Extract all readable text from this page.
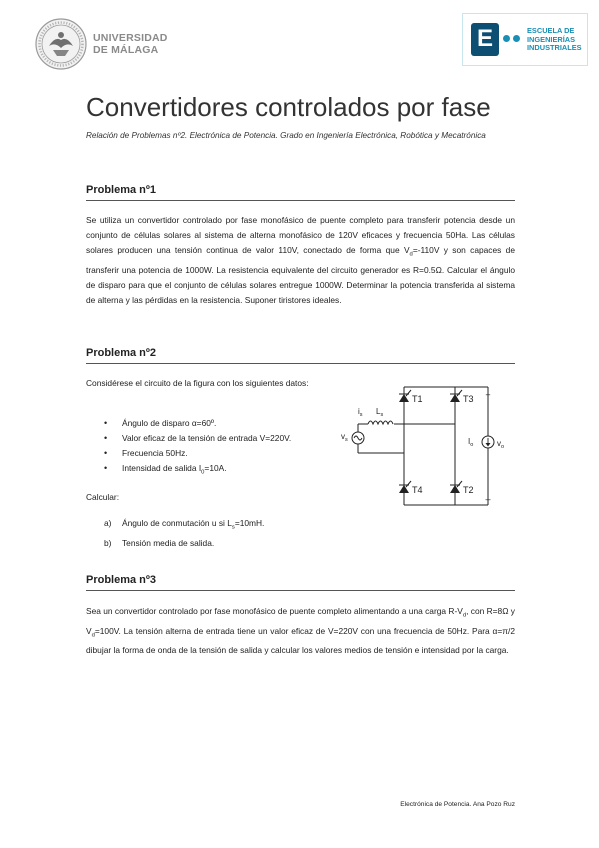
UNIVERSIDAD
DE MÁLAGA	E	ESCUELA DE
INGENIERÍAS
INDUSTRIALES
Convertidores controlados por fase
Relación de Problemas nº2. Electrónica de Potencia. Grado en Ingeniería Electrónica, Robótica y Mecatrónica
Problema nº1
Se utiliza un convertidor controlado por fase monofásico de puente completo para transferir potencia desde un conjunto de células solares al sistema de alterna monofásico de 120V eficaces y frecuencia 50Ha. Las células solares producen una tensión continua de valor 110V, conectado de forma que $V_d=-110V$ y son capaces de transferir una potencia de 1000W. La resistencia equivalente del circuito generador es R=0.5Ω. Calcular el ángulo de disparo para que el conjunto de células solares entregue 1000W. Determinar la potencia transferida al sistema de alterna y las pérdidas en la resistencia. Suponer tiristores ideales.
Problema nº2
Considérese el circuito de la figura con los siguientes datos:
• Ángulo de disparo α=60º.
• Valor eficaz de la tensión de entrada V=220V.
• Frecuencia 50Hz.
• Intensidad de salida $I_0=10A$.
Calcular:
a) Ángulo de conmutación u si $L_s=10mH$.
b) Tensión media de salida.
T1	T3
T4	T2
+
–
$i_s$ $L_s$
$v_s$	$I_o$	$v_o$
Problema nº3
Sea un convertidor controlado por fase monofásico de puente completo alimentando a una carga $R-V_d$, con R=8Ω y $V_d=100V$. La tensión alterna de entrada tiene un valor eficaz de V=220V con una frecuencia de 50Hz. Para α=π/2 dibujar la forma de onda de la tensión de salida y calcular los valores medios de tensión e intensidad por la carga.
Electrónica de Potencia. Ana Pozo Ruz
